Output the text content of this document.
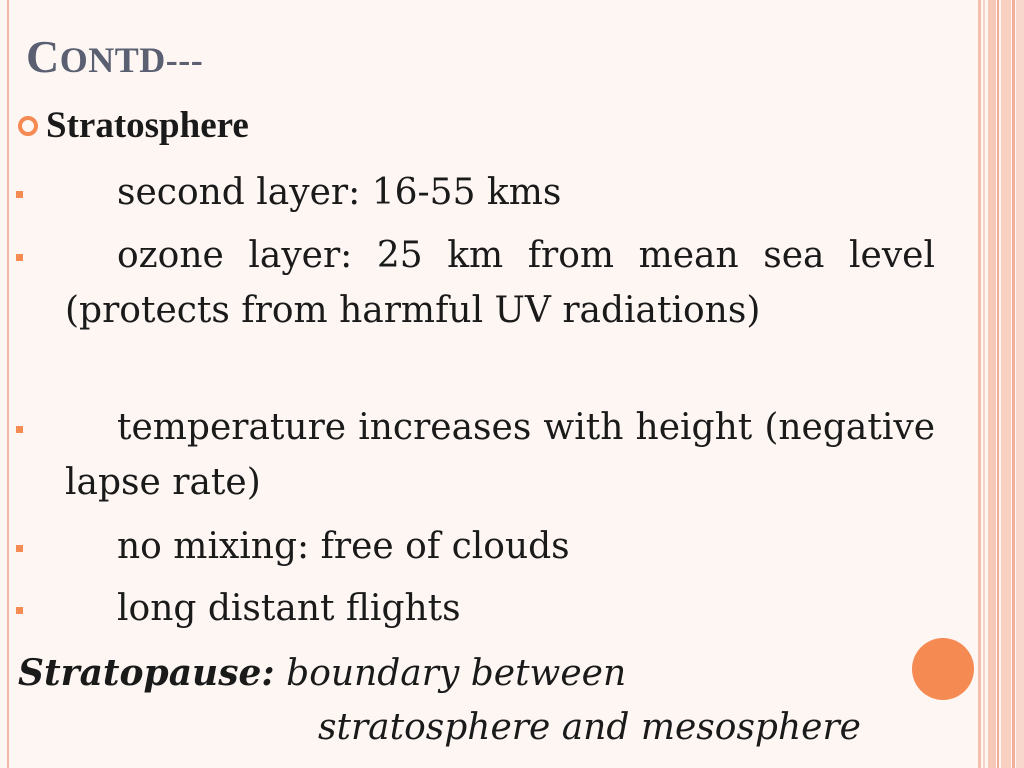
CONTD---
Stratosphere
second layer: 16-55 kms
ozone layer: 25 km from mean sea level (protects from harmful UV radiations)
temperature increases with height (negative lapse rate)
no mixing: free of clouds
long distant flights
Stratopause: boundary between
stratosphere and mesosphere
